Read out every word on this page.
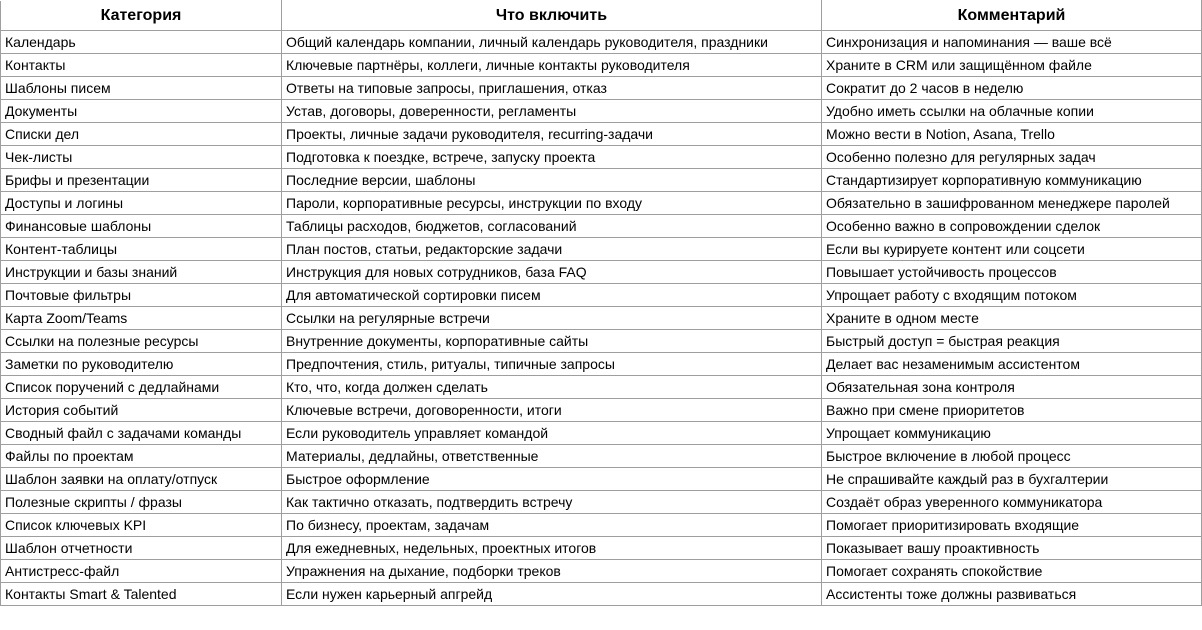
Категория	Что включить	Комментарий
Календарь	Общий календарь компании, личный календарь руководителя, праздники	Синхронизация и напоминания — ваше всё
Контакты	Ключевые партнёры, коллеги, личные контакты руководителя	Храните в CRM или защищённом файле
Шаблоны писем	Ответы на типовые запросы, приглашения, отказ	Сократит до 2 часов в неделю
Документы	Устав, договоры, доверенности, регламенты	Удобно иметь ссылки на облачные копии
Списки дел	Проекты, личные задачи руководителя, recurring-задачи	Можно вести в Notion, Asana, Trello
Чек-листы	Подготовка к поездке, встрече, запуску проекта	Особенно полезно для регулярных задач
Брифы и презентации	Последние версии, шаблоны	Стандартизирует корпоративную коммуникацию
Доступы и логины	Пароли, корпоративные ресурсы, инструкции по входу	Обязательно в зашифрованном менеджере паролей
Финансовые шаблоны	Таблицы расходов, бюджетов, согласований	Особенно важно в сопровождении сделок
Контент-таблицы	План постов, статьи, редакторские задачи	Если вы курируете контент или соцсети
Инструкции и базы знаний	Инструкция для новых сотрудников, база FAQ	Повышает устойчивость процессов
Почтовые фильтры	Для автоматической сортировки писем	Упрощает работу с входящим потоком
Карта Zoom/Teams	Ссылки на регулярные встречи	Храните в одном месте
Ссылки на полезные ресурсы	Внутренние документы, корпоративные сайты	Быстрый доступ = быстрая реакция
Заметки по руководителю	Предпочтения, стиль, ритуалы, типичные запросы	Делает вас незаменимым ассистентом
Список поручений с дедлайнами	Кто, что, когда должен сделать	Обязательная зона контроля
История событий	Ключевые встречи, договоренности, итоги	Важно при смене приоритетов
Сводный файл с задачами команды	Если руководитель управляет командой	Упрощает коммуникацию
Файлы по проектам	Материалы, дедлайны, ответственные	Быстрое включение в любой процесс
Шаблон заявки на оплату/отпуск	Быстрое оформление	Не спрашивайте каждый раз в бухгалтерии
Полезные скрипты / фразы	Как тактично отказать, подтвердить встречу	Создаёт образ уверенного коммуникатора
Список ключевых KPI	По бизнесу, проектам, задачам	Помогает приоритизировать входящие
Шаблон отчетности	Для ежедневных, недельных, проектных итогов	Показывает вашу проактивность
Антистресс-файл	Упражнения на дыхание, подборки треков	Помогает сохранять спокойствие
Контакты Smart & Talented	Если нужен карьерный апгрейд	Ассистенты тоже должны развиваться
